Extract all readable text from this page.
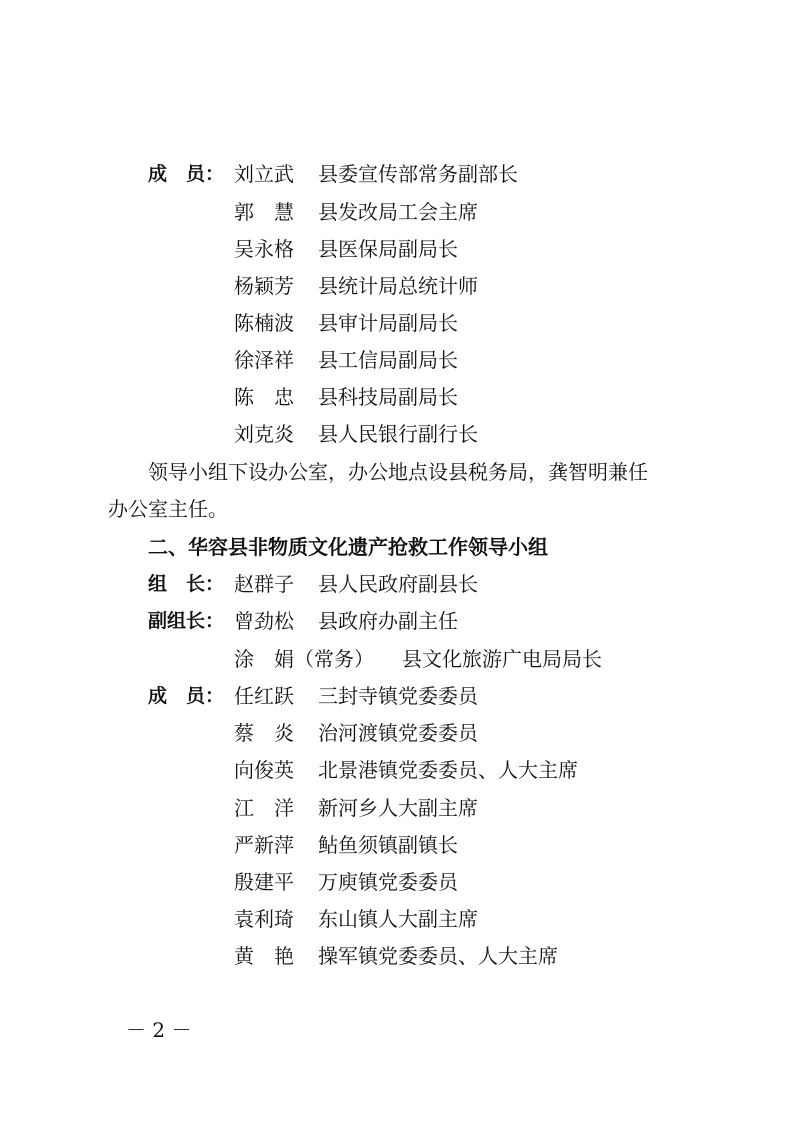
成　员： 刘立武 县委宣传部常务副部长
郭　慧 县发改局工会主席
吴永格 县医保局副局长
杨颖芳 县统计局总统计师
陈楠波 县审计局副局长
徐泽祥 县工信局副局长
陈　忠 县科技局副局长
刘克炎 县人民银行副行长
领导小组下设办公室，办公地点设县税务局，龚智明兼任
办公室主任。
二、华容县非物质文化遗产抢救工作领导小组
组　长： 赵群子 县人民政府副县长
副组长： 曾劲松 县政府办副主任
涂　娟（常务） 县文化旅游广电局局长
成　员： 任红跃 三封寺镇党委委员
蔡　炎 治河渡镇党委委员
向俊英 北景港镇党委委员、人大主席
江　洋 新河乡人大副主席
严新萍 鲇鱼须镇副镇长
殷建平 万庾镇党委委员
袁利琦 东山镇人大副主席
黄　艳 操军镇党委委员、人大主席
－ 2 －
